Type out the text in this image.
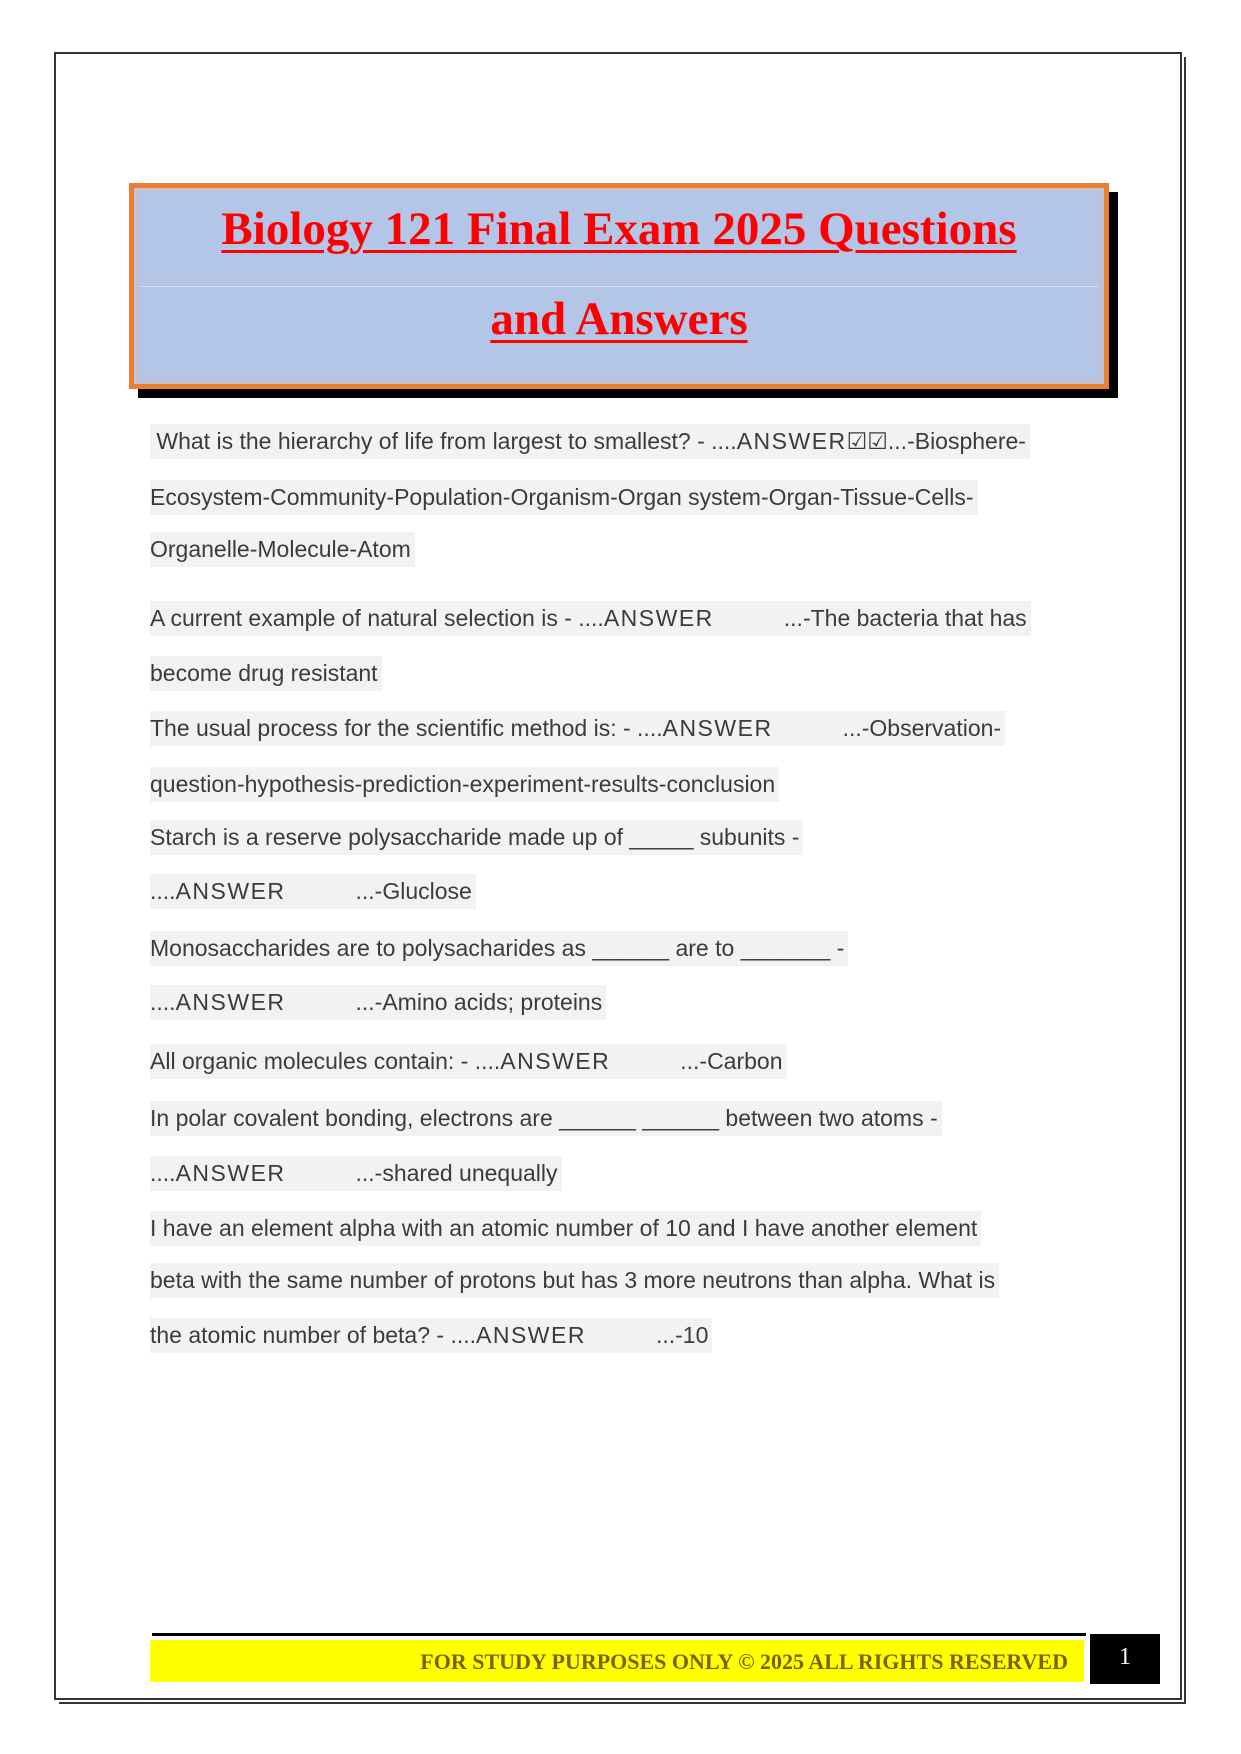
Biology 121 Final Exam 2025 Questions
and Answers
What is the hierarchy of life from largest to smallest? - ....ANSWER☑☑...-Biosphere-
Ecosystem-Community-Population-Organism-Organ system-Organ-Tissue-Cells-
Organelle-Molecule-Atom
A current example of natural selection is - ....ANSWER	...-The bacteria that has
become drug resistant
The usual process for the scientific method is: - ....ANSWER	...-Observation-
question-hypothesis-prediction-experiment-results-conclusion
Starch is a reserve polysaccharide made up of _____ subunits -
....ANSWER	...-Gluclose
Monosaccharides are to polysacharides as ______ are to _______ -
....ANSWER	...-Amino acids; proteins
All organic molecules contain: - ....ANSWER	...-Carbon
In polar covalent bonding, electrons are ______ ______ between two atoms -
....ANSWER	...-shared unequally
I have an element alpha with an atomic number of 10 and I have another element
beta with the same number of protons but has 3 more neutrons than alpha. What is
the atomic number of beta? - ....ANSWER	...-10
FOR STUDY PURPOSES ONLY © 2025 ALL RIGHTS RESERVED	1
